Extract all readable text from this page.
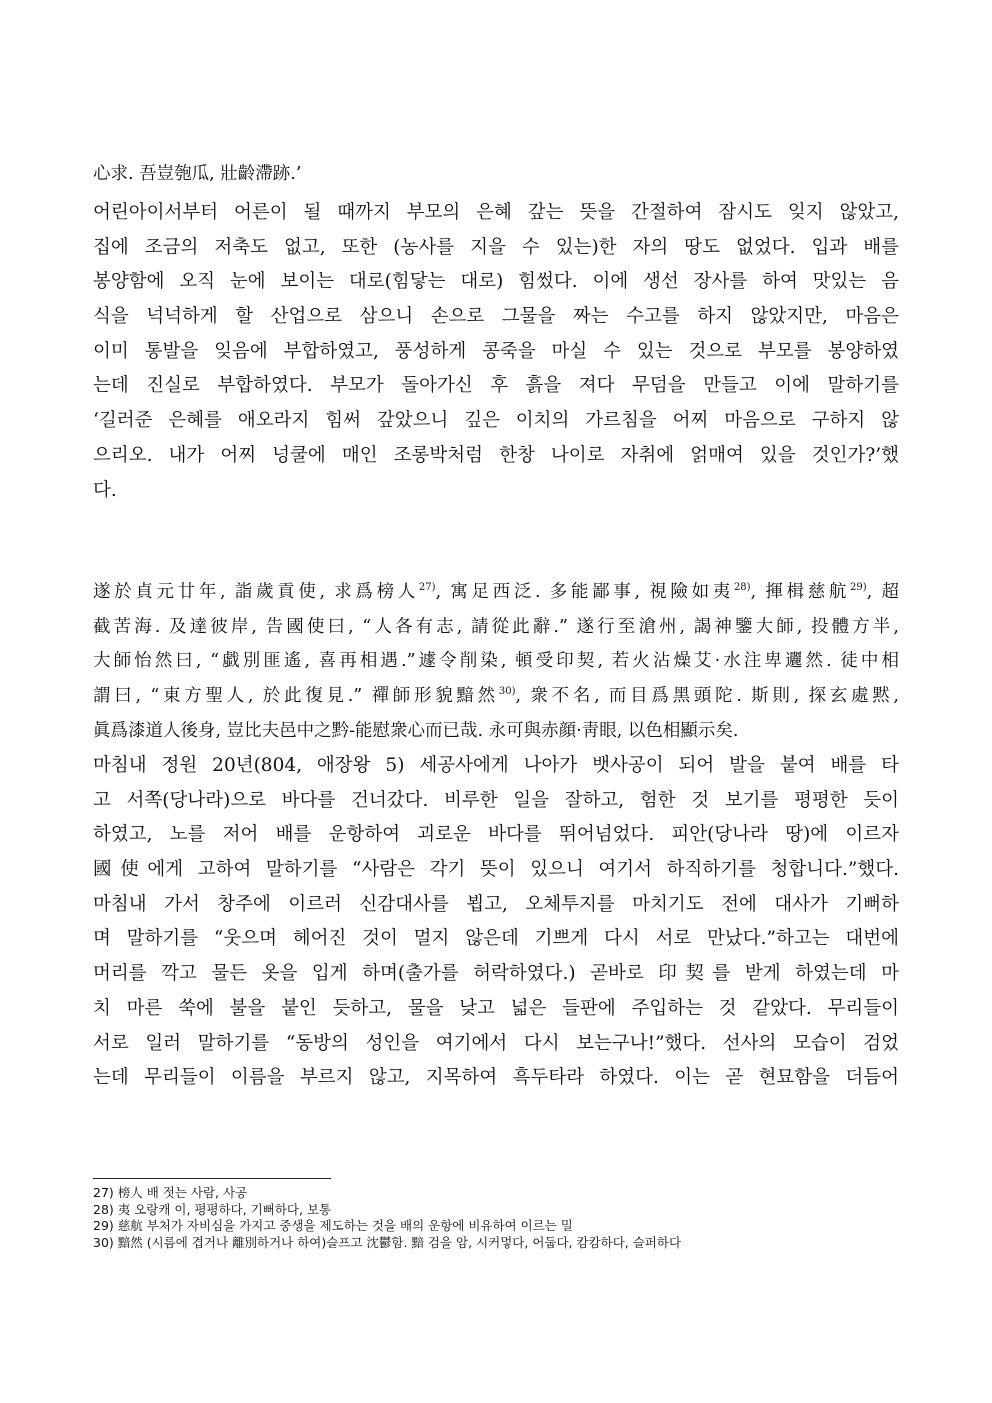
心求. 吾豈匏瓜, 壯齡滯跡.’
어린아이서부터 어른이 될 때까지 부모의 은혜 갚는 뜻을 간절하여 잠시도 잊지 않았고,
집에 조금의 저축도 없고, 또한 (농사를 지을 수 있는)한 자의 땅도 없었다. 입과 배를
봉양함에 오직 눈에 보이는 대로(힘닿는 대로) 힘썼다. 이에 생선 장사를 하여 맛있는 음
식을 넉넉하게 할 산업으로 삼으니 손으로 그물을 짜는 수고를 하지 않았지만, 마음은
이미 통발을 잊음에 부합하였고, 풍성하게 콩죽을 마실 수 있는 것으로 부모를 봉양하였
는데 진실로 부합하였다. 부모가 돌아가신 후 흙을 져다 무덤을 만들고 이에 말하기를
‘길러준 은혜를 애오라지 힘써 갚았으니 깊은 이치의 가르침을 어찌 마음으로 구하지 않
으리오. 내가 어찌 넝쿨에 매인 조롱박처럼 한창 나이로 자취에 얽매여 있을 것인가?’했
다.
遂於貞元廿年, 詣歲貢使, 求爲榜人$^{27)}$, 寓足西泛. 多能鄙事, 視險如夷$^{28)}$, 揮楫慈航$^{29)}$, 超
截苦海. 及達彼岸, 告國使曰, “人各有志, 請從此辭.” 遂行至滄州, 謁神鑒大師, 投體方半,
大師怡然曰, “戱別匪遙, 喜再相遇.”遽令削染, 頓受印契, 若火沾燥艾·水注卑邐然. 徒中相
謂曰, “東方聖人, 於此復見.” 禪師形貌黯然$^{30)}$, 衆不名, 而目爲黑頭陀. 斯則, 探玄處黙,
眞爲漆道人後身, 豈比夫邑中之黔-能慰衆心而已哉. 永可與赤顔·靑眼, 以色相顯示矣.
마침내 정원 20년(804, 애장왕 5) 세공사에게 나아가 뱃사공이 되어 발을 붙여 배를 타
고 서쪽(당나라)으로 바다를 건너갔다. 비루한 일을 잘하고, 험한 것 보기를 평평한 듯이
하였고, 노를 저어 배를 운항하여 괴로운 바다를 뛰어넘었다. 피안(당나라 땅)에 이르자
國使에게 고하여 말하기를 “사람은 각기 뜻이 있으니 여기서 하직하기를 청합니다.”했다.
마침내 가서 창주에 이르러 신감대사를 뵙고, 오체투지를 마치기도 전에 대사가 기뻐하
며 말하기를 “웃으며 헤어진 것이 멀지 않은데 기쁘게 다시 서로 만났다.”하고는 대번에
머리를 깍고 물든 옷을 입게 하며(출가를 허락하였다.) 곧바로 印契를 받게 하였는데 마
치 마른 쑥에 불을 붙인 듯하고, 물을 낮고 넓은 들판에 주입하는 것 같았다. 무리들이
서로 일러 말하기를 “동방의 성인을 여기에서 다시 보는구나!”했다. 선사의 모습이 검었
는데 무리들이 이름을 부르지 않고, 지목하여 흑두타라 하였다. 이는 곧 현묘함을 더듬어
27) 榜人 배 젓는 사람, 사공
28) 夷 오랑캐 이, 평평하다, 기뻐하다, 보통
29) 慈航 부처가 자비심을 가지고 중생을 제도하는 것을 배의 운항에 비유하여 이르는 밀
30) 黯然 (시름에 겹거나 離別하거나 하여)슬프고 沈鬱함. 黯 검을 암, 시커멓다, 어둡다, 캄캄하다, 슬퍼하다
